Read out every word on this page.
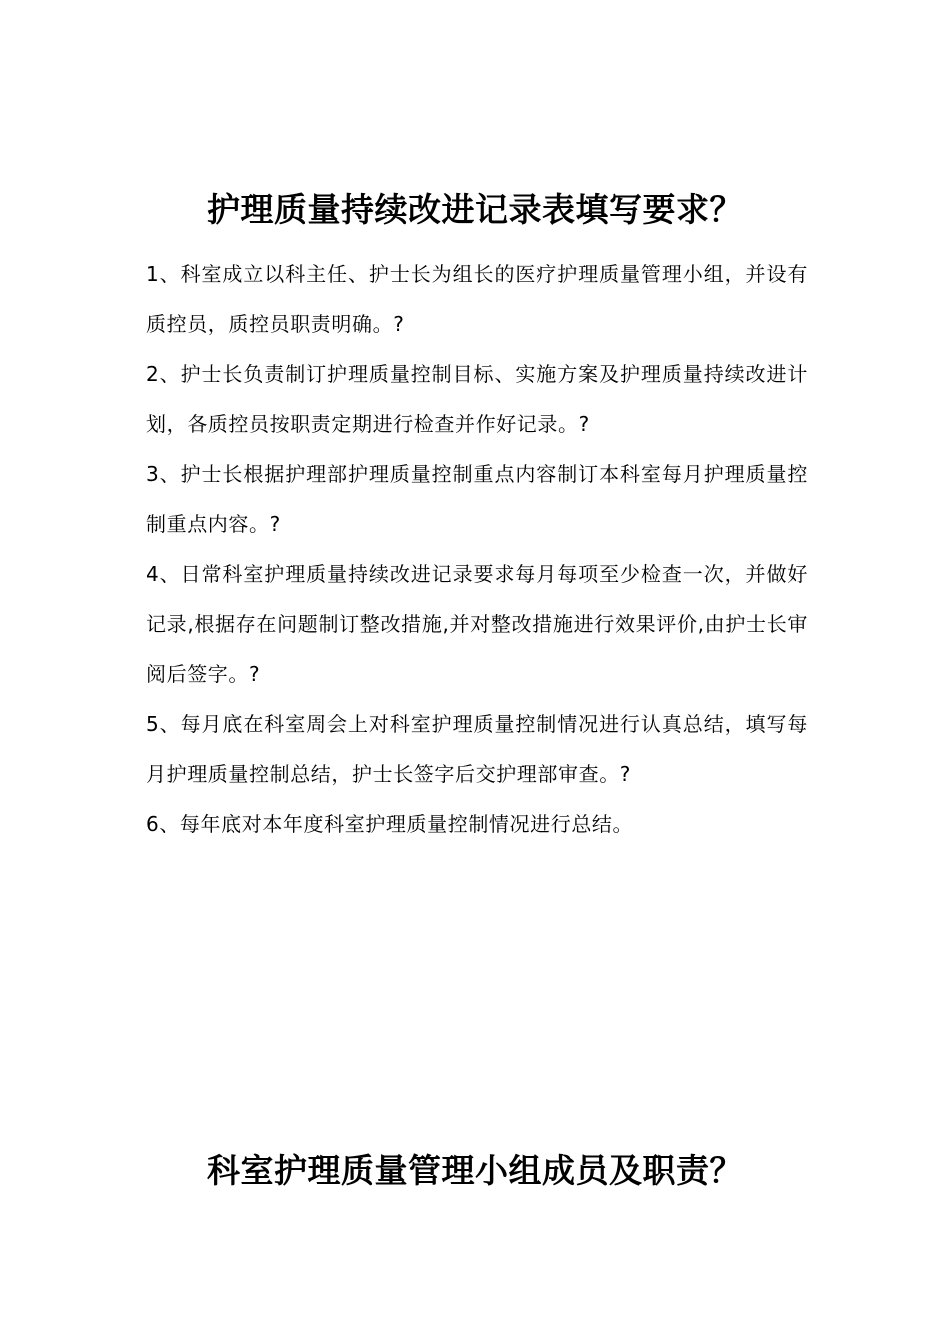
护理质量持续改进记录表填写要求？

1、科室成立以科主任、护士长为组长的医疗护理质量管理小组，并设有质控员，质控员职责明确。?

2、护士长负责制订护理质量控制目标、实施方案及护理质量持续改进计划，各质控员按职责定期进行检查并作好记录。?

3、护士长根据护理部护理质量控制重点内容制订本科室每月护理质量控制重点内容。?

4、日常科室护理质量持续改进记录要求每月每项至少检查一次，并做好记录,根据存在问题制订整改措施,并对整改措施进行效果评价,由护士长审阅后签字。?

5、每月底在科室周会上对科室护理质量控制情况进行认真总结，填写每月护理质量控制总结，护士长签字后交护理部审查。?

6、每年底对本年度科室护理质量控制情况进行总结。

科室护理质量管理小组成员及职责？
